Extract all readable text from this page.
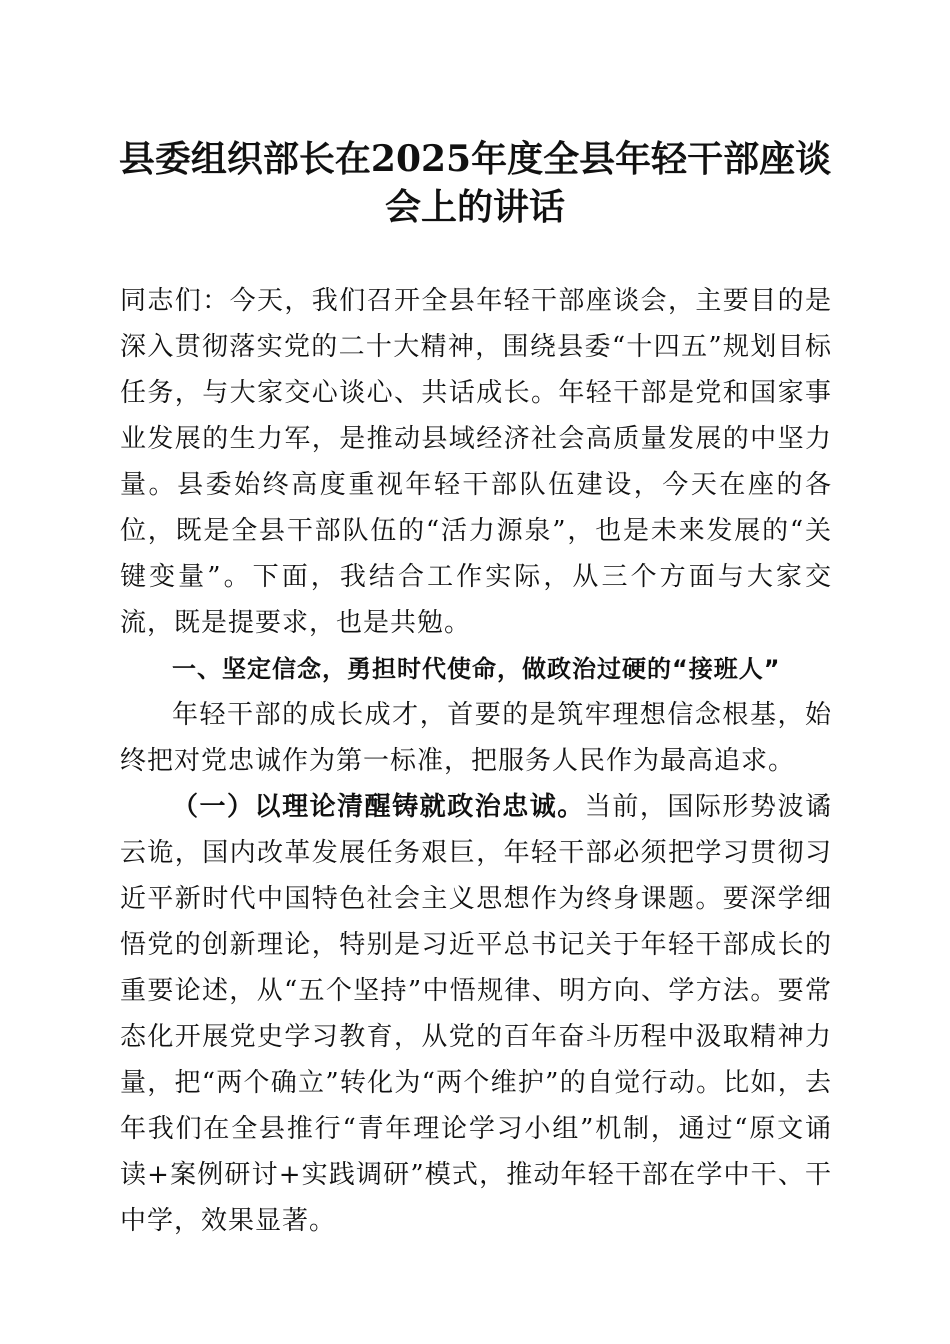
县委组织部长在2025年度全县年轻干部座谈会上的讲话

同志们：今天，我们召开全县年轻干部座谈会，主要目的是深入贯彻落实党的二十大精神，围绕县委“十四五”规划目标任务，与大家交心谈心、共话成长。年轻干部是党和国家事业发展的生力军，是推动县域经济社会高质量发展的中坚力量。县委始终高度重视年轻干部队伍建设，今天在座的各位，既是全县干部队伍的“活力源泉”，也是未来发展的“关键变量”。下面，我结合工作实际，从三个方面与大家交流，既是提要求，也是共勉。

一、坚定信念，勇担时代使命，做政治过硬的“接班人”

年轻干部的成长成才，首要的是筑牢理想信念根基，始终把对党忠诚作为第一标准，把服务人民作为最高追求。

（一）以理论清醒铸就政治忠诚。当前，国际形势波谲云诡，国内改革发展任务艰巨，年轻干部必须把学习贯彻习近平新时代中国特色社会主义思想作为终身课题。要深学细悟党的创新理论，特别是习近平总书记关于年轻干部成长的重要论述，从“五个坚持”中悟规律、明方向、学方法。要常态化开展党史学习教育，从党的百年奋斗历程中汲取精神力量，把“两个确立”转化为“两个维护”的自觉行动。比如，去年我们在全县推行“青年理论学习小组”机制，通过“原文诵读+案例研讨+实践调研”模式，推动年轻干部在学中干、干中学，效果显著。
